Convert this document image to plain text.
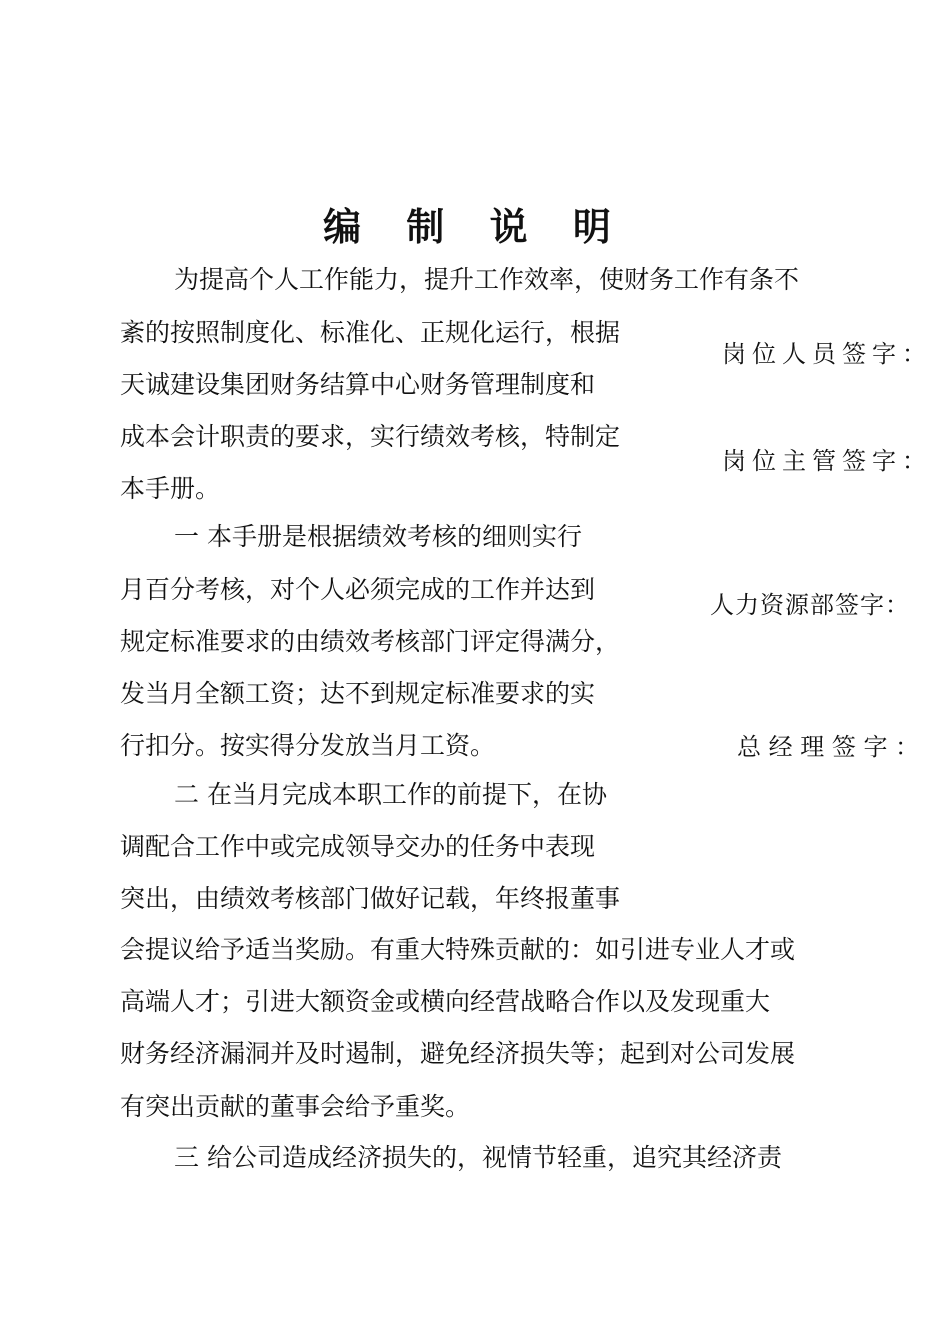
编 制 说 明
为提高个人工作能力，提升工作效率，使财务工作有条不
紊的按照制度化、标准化、正规化运行，根据
天诚建设集团财务结算中心财务管理制度和
成本会计职责的要求，实行绩效考核，特制定
本手册。
一 本手册是根据绩效考核的细则实行
月百分考核，对个人必须完成的工作并达到
规定标准要求的由绩效考核部门评定得满分，
发当月全额工资；达不到规定标准要求的实
行扣分。按实得分发放当月工资。
二 在当月完成本职工作的前提下，在协
调配合工作中或完成领导交办的任务中表现
突出，由绩效考核部门做好记载，年终报董事
会提议给予适当奖励。有重大特殊贡献的：如引进专业人才或
高端人才；引进大额资金或横向经营战略合作以及发现重大
财务经济漏洞并及时遏制，避免经济损失等；起到对公司发展
有突出贡献的董事会给予重奖。
三 给公司造成经济损失的，视情节轻重，追究其经济责
岗位人员签字：
岗位主管签字：
人力资源部签字：
总 经 理 签 字 ：
